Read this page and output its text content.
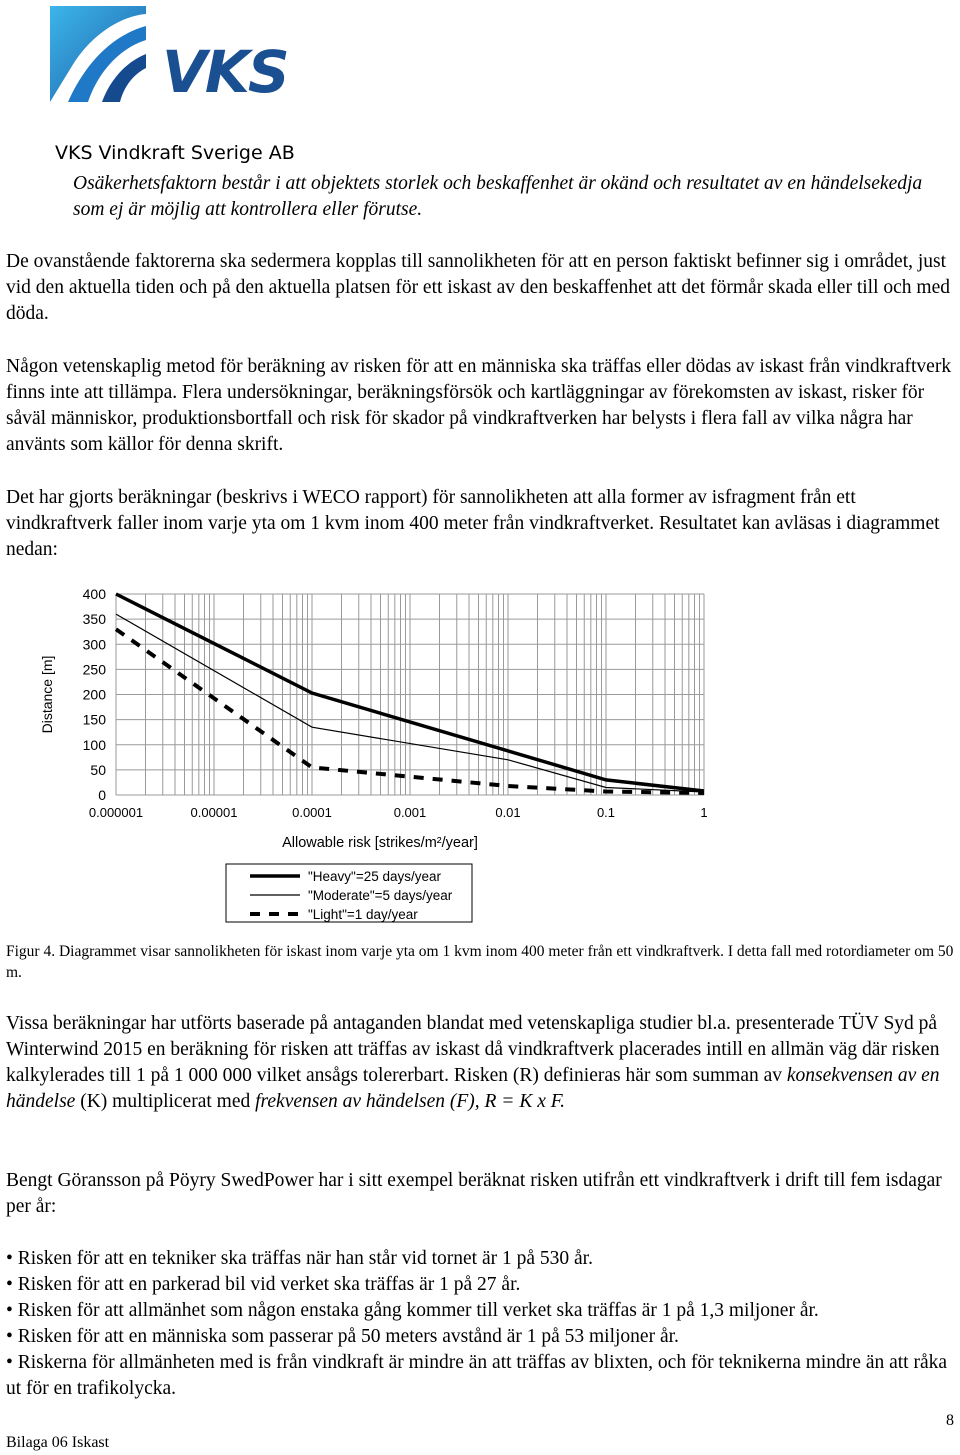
VKS
VKS Vindkraft Sverige AB

Osäkerhetsfaktorn består i att objektets storlek och beskaffenhet är okänd och resultatet av en händelsekedja som ej är möjlig att kontrollera eller förutse.

De ovanstående faktorerna ska sedermera kopplas till sannolikheten för att en person faktiskt befinner sig i området, just vid den aktuella tiden och på den aktuella platsen för ett iskast av den beskaffenhet att det förmår skada eller till och med döda.

Någon vetenskaplig metod för beräkning av risken för att en människa ska träffas eller dödas av iskast från vindkraftverk finns inte att tillämpa. Flera undersökningar, beräkningsförsök och kartläggningar av förekomsten av iskast, risker för såväl människor, produktionsbortfall och risk för skador på vindkraftverken har belysts i flera fall av vilka några har använts som källor för denna skrift.

Det har gjorts beräkningar (beskrivs i WECO rapport) för sannolikheten att alla former av isfragment från ett vindkraftverk faller inom varje yta om 1 kvm inom 400 meter från vindkraftverket. Resultatet kan avläsas i diagrammet nedan:

400
350
300
250
200
150
100
50
0
0.000001	0.00001	0.0001	0.001	0.01	0.1	1
Distance [m]
Allowable risk [strikes/m²/year]
"Heavy"=25 days/year
"Moderate"=5 days/year
"Light"=1 day/year

Figur 4. Diagrammet visar sannolikheten för iskast inom varje yta om 1 kvm inom 400 meter från ett vindkraftverk. I detta fall med rotordiameter om 50 m.

Vissa beräkningar har utförts baserade på antaganden blandat med vetenskapliga studier bl.a. presenterade TÜV Syd på Winterwind 2015 en beräkning för risken att träffas av iskast då vindkraftverk placerades intill en allmän väg där risken kalkylerades till 1 på 1 000 000 vilket ansågs tolererbart. Risken (R) definieras här som summan av konsekvensen av en händelse (K) multiplicerat med frekvensen av händelsen (F), R = K x F.

Bengt Göransson på Pöyry SwedPower har i sitt exempel beräknat risken utifrån ett vindkraftverk i drift till fem isdagar per år:

• Risken för att en tekniker ska träffas när han står vid tornet är 1 på 530 år.
• Risken för att en parkerad bil vid verket ska träffas är 1 på 27 år.
• Risken för att allmänhet som någon enstaka gång kommer till verket ska träffas är 1 på 1,3 miljoner år.
• Risken för att en människa som passerar på 50 meters avstånd är 1 på 53 miljoner år.
• Riskerna för allmänheten med is från vindkraft är mindre än att träffas av blixten, och för teknikerna mindre än att råka ut för en trafikolycka.
8
Bilaga 06 Iskast
